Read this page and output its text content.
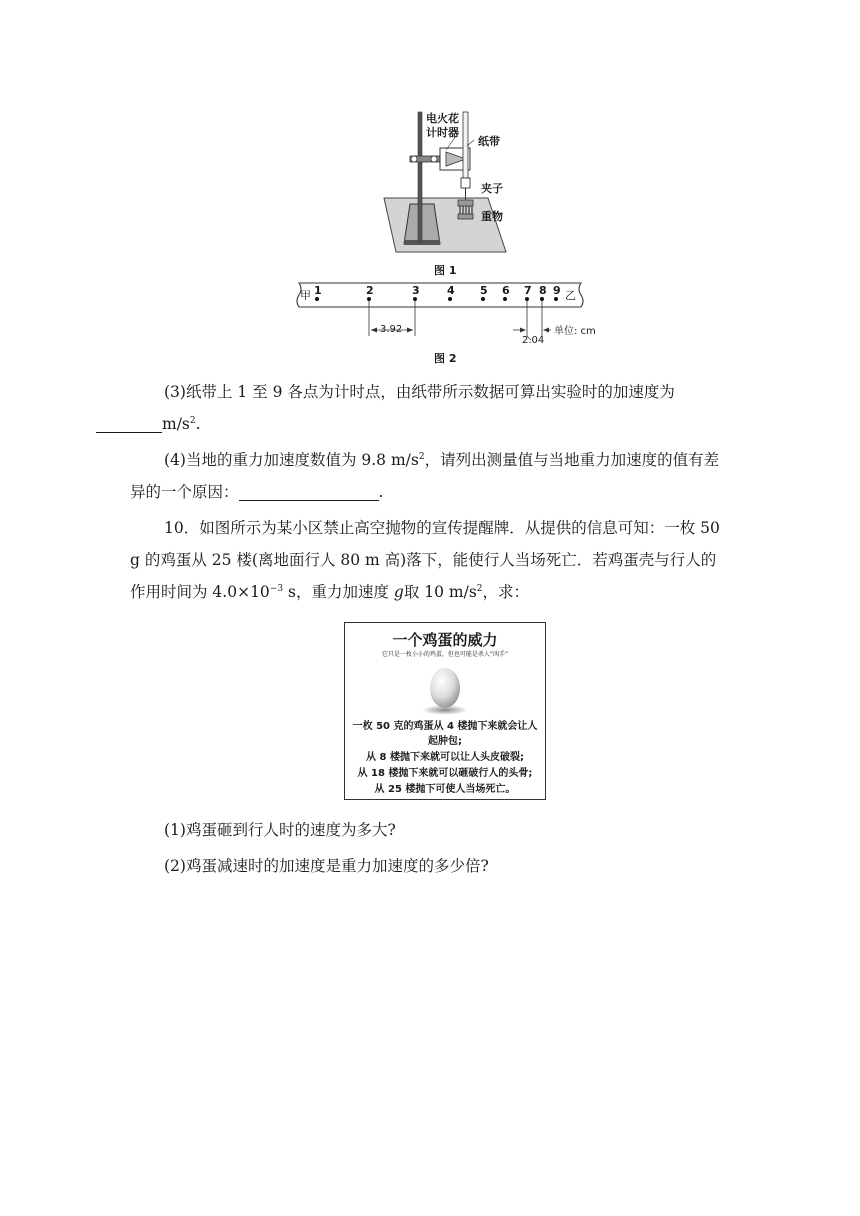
电火花
计时器
纸带
夹子
重物
图 1
甲	乙
1	2	3 4 5 6 7 8 9
3.92
2.04
单位: cm
图 2
(3)纸带上 1 至 9 各点为计时点，由纸带所示数据可算出实验时的加速度为
$m/s^2$.
(4)当地的重力加速度数值为 9.8 $m/s^2$，请列出测量值与当地重力加速度的值有差异的一个原因：	.
10．如图所示为某小区禁止高空抛物的宣传提醒牌．从提供的信息可知：一枚 50 g 的鸡蛋从 25 楼(离地面行人 80 m 高)落下，能使行人当场死亡．若鸡蛋壳与行人的作用时间为 $4.0\times 10^{-3}$ s，重力加速度 g取 10 $m/s^2$，求：
一个鸡蛋的威力
它只是一枚小小的鸡蛋，但也可能是杀人“凶手”
一枚 50 克的鸡蛋从 4 楼抛下来就会让人
起肿包;
从 8 楼抛下来就可以让人头皮破裂;
从 18 楼抛下来就可以砸破行人的头骨;
从 25 楼抛下可使人当场死亡。
(1)鸡蛋砸到行人时的速度为多大?
(2)鸡蛋减速时的加速度是重力加速度的多少倍?
